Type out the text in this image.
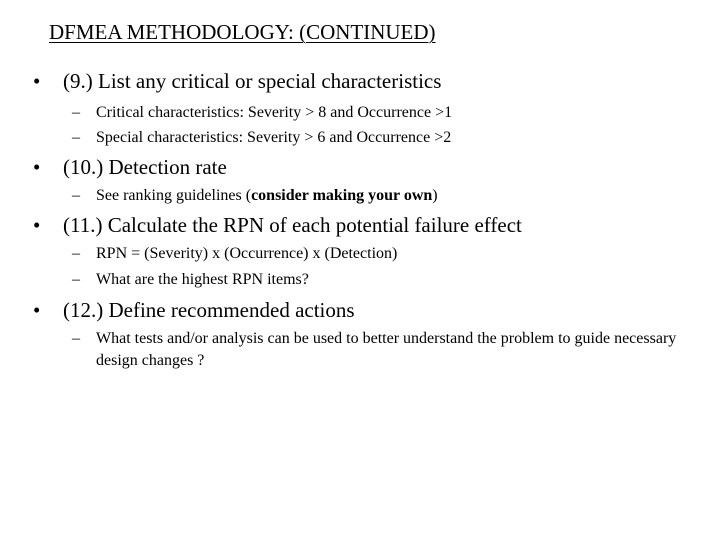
DFMEA METHODOLOGY: (CONTINUED)
• (9.) List any critical or special characteristics
– Critical characteristics: Severity > 8 and Occurrence >1
– Special characteristics: Severity > 6 and Occurrence >2
• (10.) Detection rate
– See ranking guidelines (consider making your own)
• (11.) Calculate the RPN of each potential failure effect
– RPN = (Severity) x (Occurrence) x (Detection)
– What are the highest RPN items?
• (12.) Define recommended actions
– What tests and/or analysis can be used to better understand the problem to guide necessary design changes ?
